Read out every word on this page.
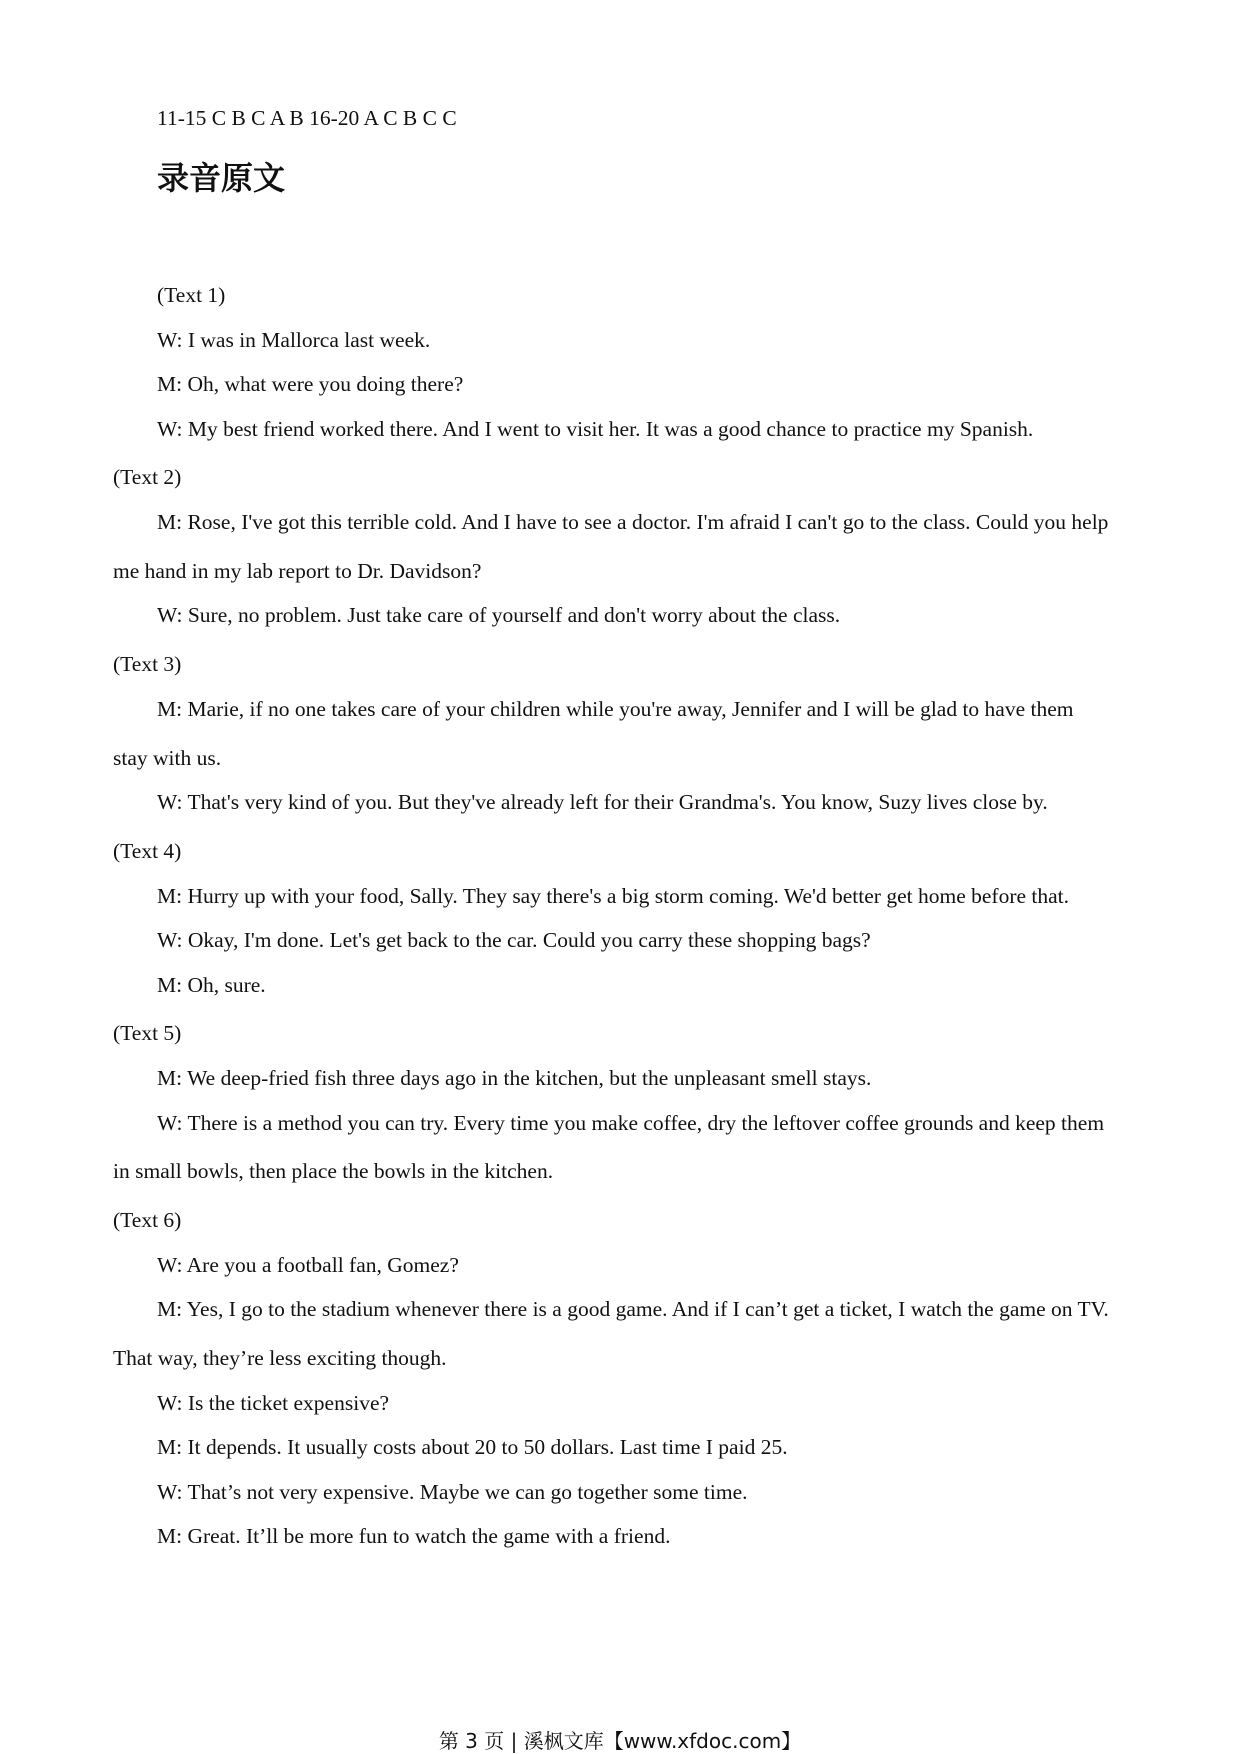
11-15 C B C A B 16-20 A C B C C
录音原文
(Text 1)
W: I was in Mallorca last week.
M: Oh, what were you doing there?
W: My best friend worked there. And I went to visit her. It was a good chance to practice my Spanish.
(Text 2)
M: Rose, I've got this terrible cold. And I have to see a doctor. I'm afraid I can't go to the class. Could you help
me hand in my lab report to Dr. Davidson?
W: Sure, no problem. Just take care of yourself and don't worry about the class.
(Text 3)
M: Marie, if no one takes care of your children while you're away, Jennifer and I will be glad to have them
stay with us.
W: That's very kind of you. But they've already left for their Grandma's. You know, Suzy lives close by.
(Text 4)
M: Hurry up with your food, Sally. They say there's a big storm coming. We'd better get home before that.
W: Okay, I'm done. Let's get back to the car. Could you carry these shopping bags?
M: Oh, sure.
(Text 5)
M: We deep-fried fish three days ago in the kitchen, but the unpleasant smell stays.
W: There is a method you can try. Every time you make coffee, dry the leftover coffee grounds and keep them
in small bowls, then place the bowls in the kitchen.
(Text 6)
W: Are you a football fan, Gomez?
M: Yes, I go to the stadium whenever there is a good game. And if I can’t get a ticket, I watch the game on TV.
That way, they’re less exciting though.
W: Is the ticket expensive?
M: It depends. It usually costs about 20 to 50 dollars. Last time I paid 25.
W: That’s not very expensive. Maybe we can go together some time.
M: Great. It’ll be more fun to watch the game with a friend.
第 3 页 | 溪枫文库【www.xfdoc.com】
